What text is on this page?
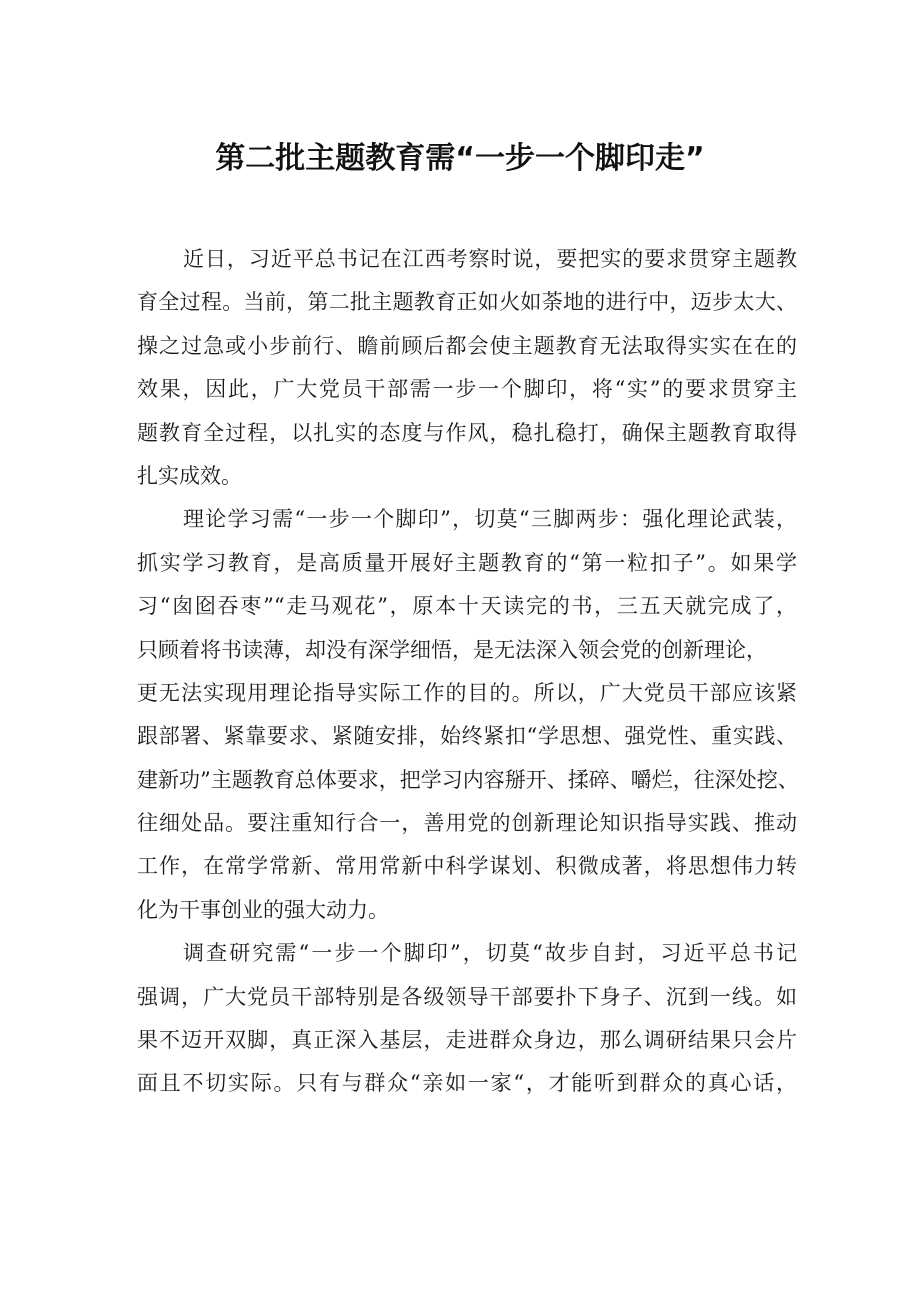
第二批主题教育需“一步一个脚印走”
近日，习近平总书记在江西考察时说，要把实的要求贯穿主题教
育全过程。当前，第二批主题教育正如火如荼地的进行中，迈步太大、
操之过急或小步前行、瞻前顾后都会使主题教育无法取得实实在在的
效果，因此，广大党员干部需一步一个脚印，将“实”的要求贯穿主
题教育全过程，以扎实的态度与作风，稳扎稳打，确保主题教育取得
扎实成效。
理论学习需“一步一个脚印”，切莫“三脚两步：强化理论武装，
抓实学习教育，是高质量开展好主题教育的“第一粒扣子”。如果学
习“囱囵吞枣”“走马观花”，原本十天读完的书，三五天就完成了，
只顾着将书读薄，却没有深学细悟，是无法深入领会党的创新理论，
更无法实现用理论指导实际工作的目的。所以，广大党员干部应该紧
跟部署、紧靠要求、紧随安排，始终紧扣“学思想、强党性、重实践、
建新功”主题教育总体要求，把学习内容掰开、揉碎、嚼烂，往深处挖、
往细处品。要注重知行合一，善用党的创新理论知识指导实践、推动
工作，在常学常新、常用常新中科学谋划、积微成著，将思想伟力转
化为干事创业的强大动力。
调查研究需“一步一个脚印”，切莫“故步自封，习近平总书记
强调，广大党员干部特别是各级领导干部要扑下身子、沉到一线。如
果不迈开双脚，真正深入基层，走进群众身边，那么调研结果只会片
面且不切实际。只有与群众“亲如一家“，才能听到群众的真心话，
